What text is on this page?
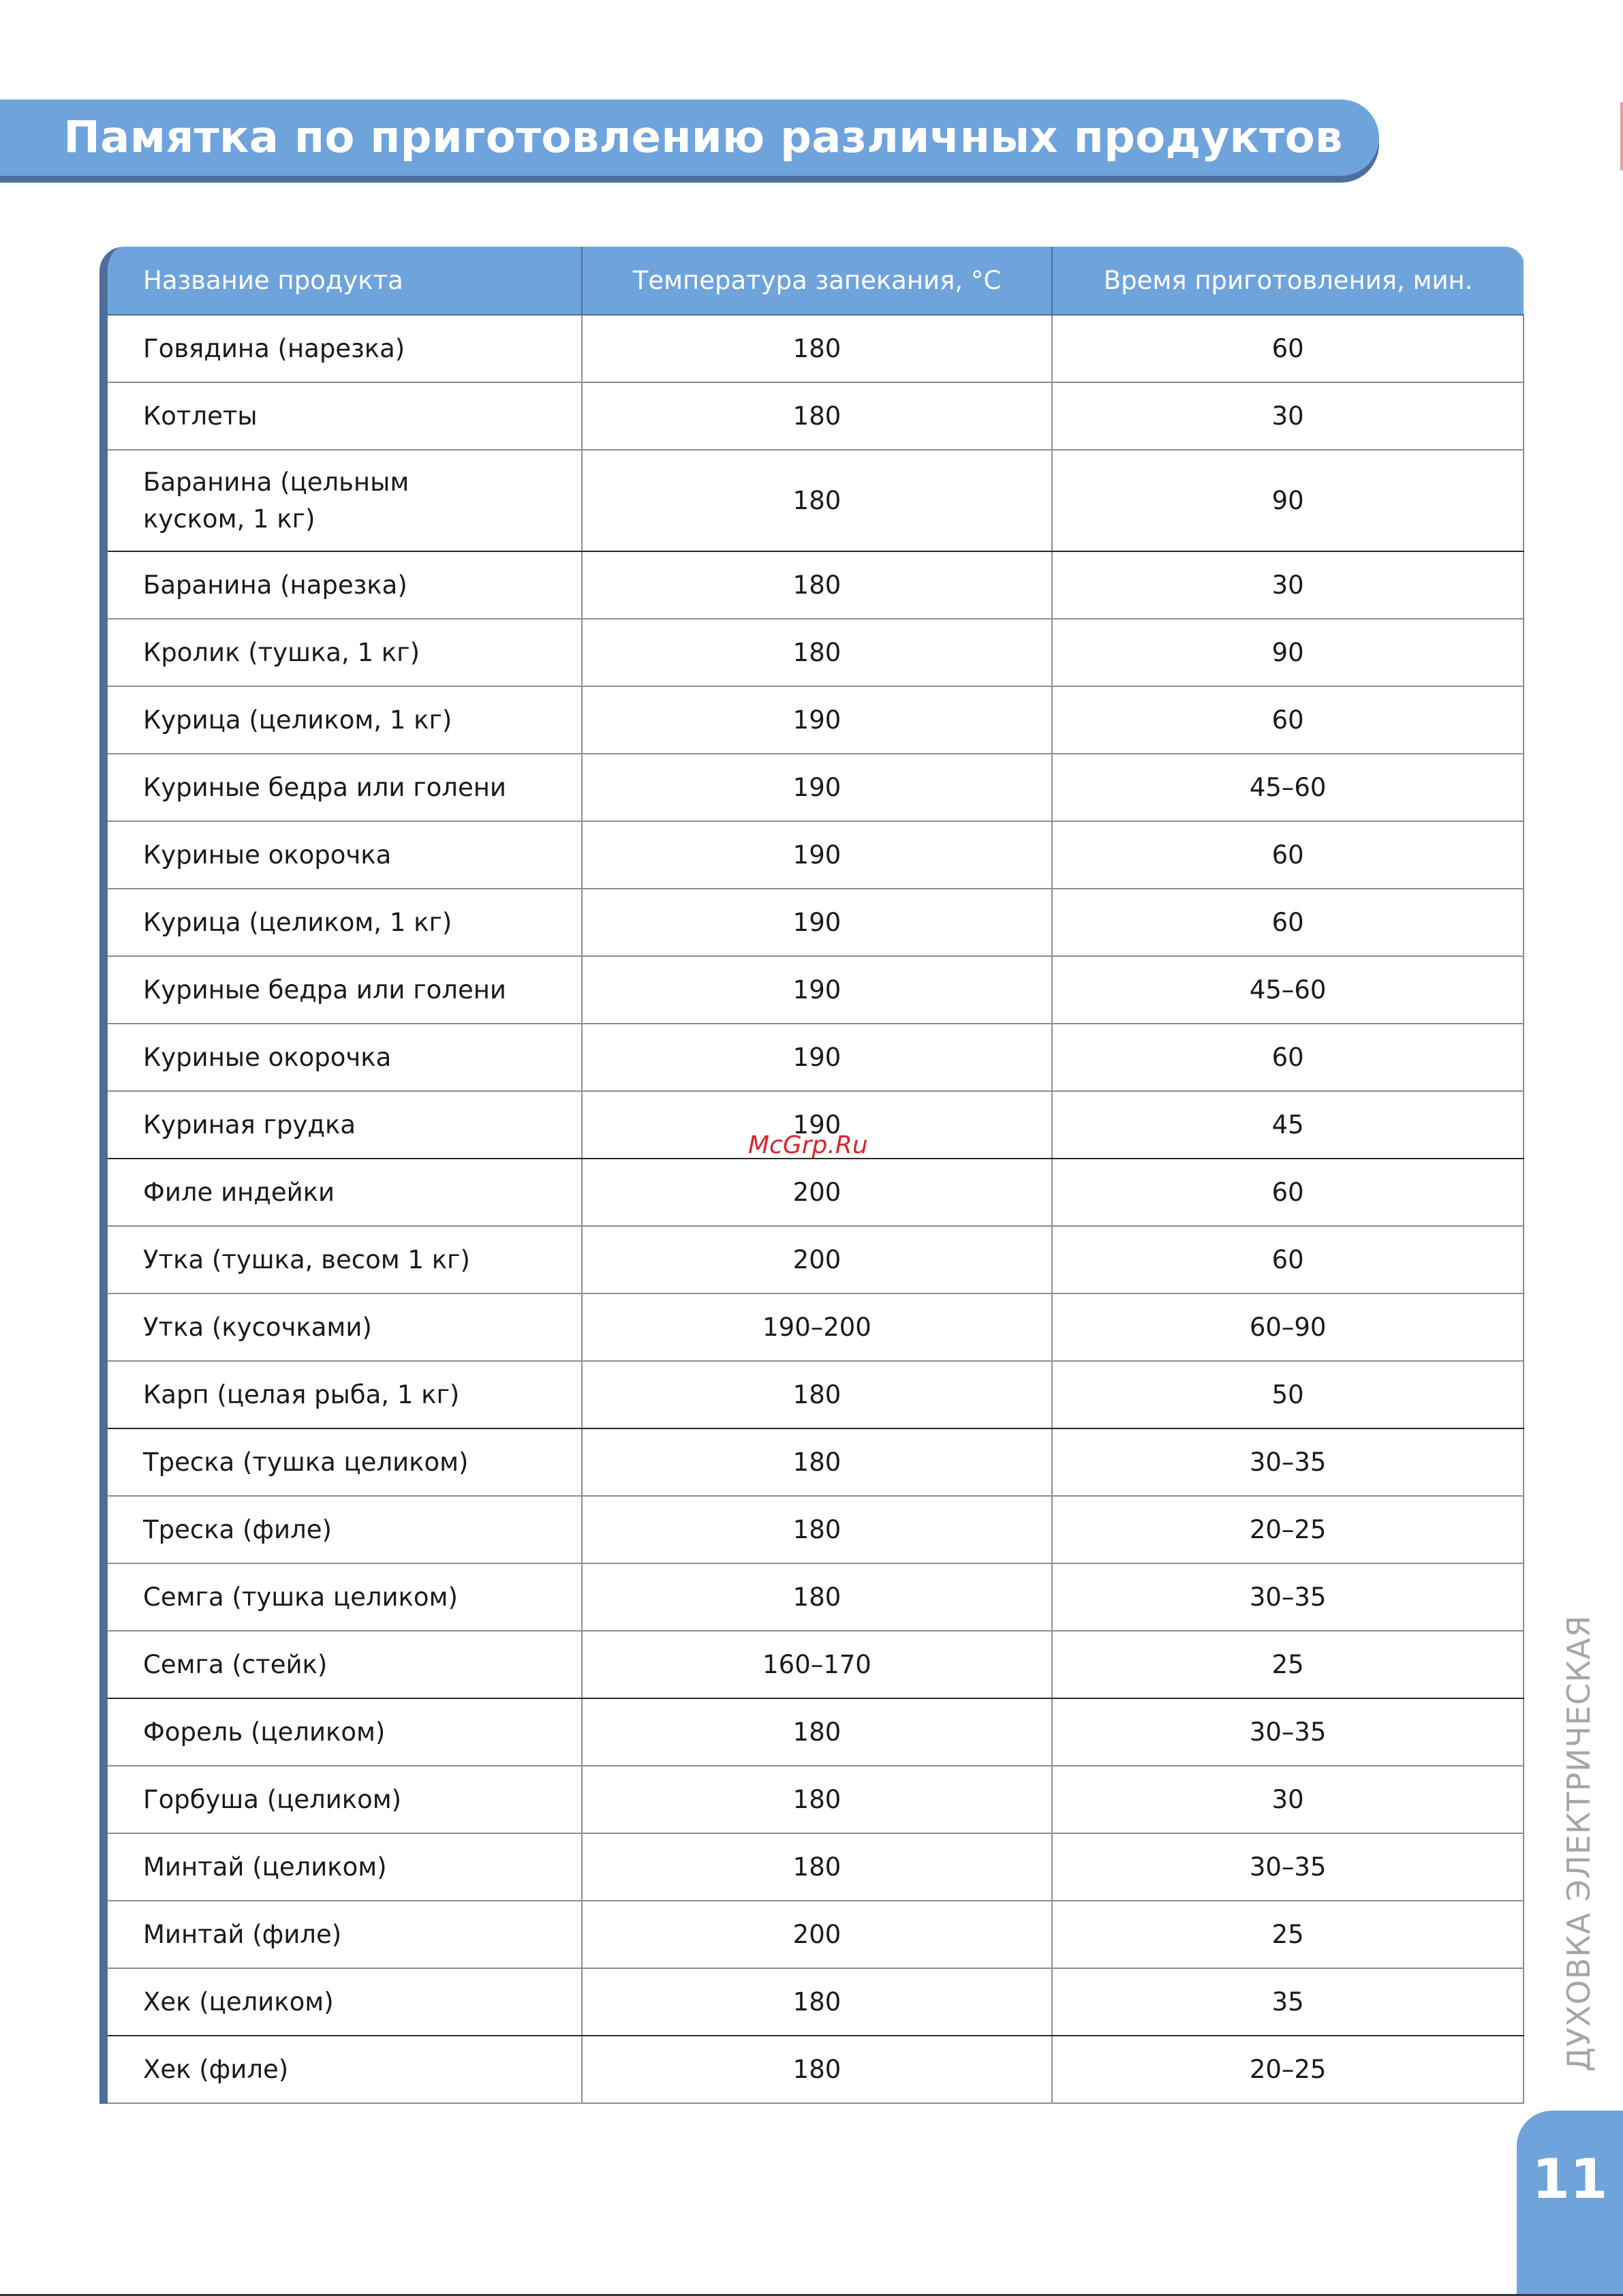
Памятка по приготовлению различных продуктов
Название продукта	Температура запекания, °С	Время приготовления, мин.
Говядина (нарезка)	180	60
Котлеты	180	30
Баранина (цельным
куском, 1 кг)	180	90
Баранина (нарезка)	180	30
Кролик (тушка, 1 кг)	180	90
Курица (целиком, 1 кг)	190	60
Куриные бедра или голени	190	45–60
Куриные окорочка	190	60
Курица (целиком, 1 кг)	190	60
Куриные бедра или голени	190	45–60
Куриные окорочка	190	60
Куриная грудка	190	45
Филе индейки	200	60
Утка (тушка, весом 1 кг)	200	60
Утка (кусочками)	190–200	60–90
Карп (целая рыба, 1 кг)	180	50
Треска (тушка целиком)	180	30–35
Треска (филе)	180	20–25
Семга (тушка целиком)	180	30–35
Семга (стейк)	160–170	25
Форель (целиком)	180	30–35
Горбуша (целиком)	180	30
Минтай (целиком)	180	30–35
Минтай (филе)	200	25
Хек (целиком)	180	35
Хек (филе)	180	20–25
McGrp.Ru
ДУХОВКА ЭЛЕКТРИЧЕСКАЯ
11
